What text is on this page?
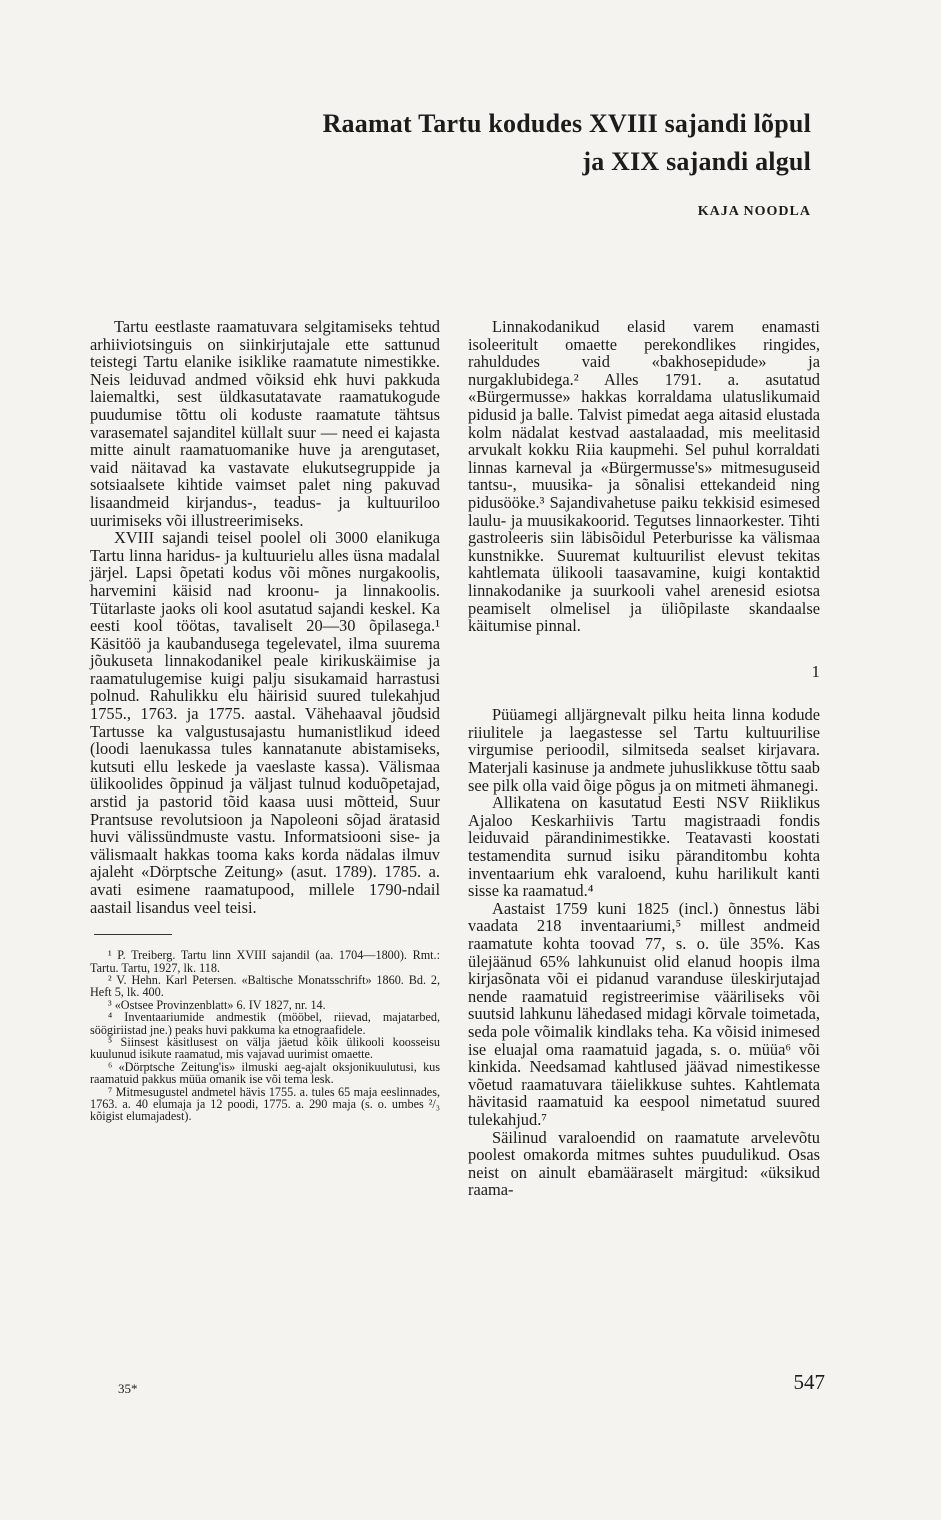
Raamat Tartu kodudes XVIII sajandi lõpul
ja XIX sajandi algul
KAJA NOODLA

Tartu eestlaste raamatuvara selgitamiseks tehtud arhiiviotsinguis on siinkirjutajale ette sattunud teistegi Tartu elanike isiklike raamatute nimestikke. Neis leiduvad andmed võiksid ehk huvi pakkuda laiemaltki, sest üldkasutatavate raamatukogude puudumise tõttu oli koduste raamatute tähtsus varasematel sajanditel küllalt suur — need ei kajasta mitte ainult raamatuomanike huve ja arengutaset, vaid näitavad ka vastavate elukutsegruppide ja sotsiaalsete kihtide vaimset palet ning pakuvad lisaandmeid kirjandus-, teadus- ja kultuuriloo uurimiseks või illustreerimiseks.

XVIII sajandi teisel poolel oli 3000 elanikuga Tartu linna haridus- ja kultuurielu alles üsna madalal järjel. Lapsi õpetati kodus või mõnes nurgakoolis, harvemini käisid nad kroonu- ja linnakoolis. Tütarlaste jaoks oli kool asutatud sajandi keskel. Ka eesti kool töötas, tavaliselt 20—30 õpilasega.¹ Käsitöö ja kaubandusega tegelevatel, ilma suurema jõukuseta linnakodanikel peale kirikuskäimise ja raamatulugemise kuigi palju sisukamaid harrastusi polnud. Rahulikku elu häirisid suured tulekahjud 1755., 1763. ja 1775. aastal. Vähehaaval jõudsid Tartusse ka valgustusajastu humanistlikud ideed (loodi laenukassa tules kannatanute abistamiseks, kutsuti ellu leskede ja vaeslaste kassa). Välismaa ülikoolides õppinud ja väljast tulnud koduõpetajad, arstid ja pastorid tõid kaasa uusi mõtteid, Suur Prantsuse revolutsioon ja Napoleoni sõjad äratasid huvi välissündmuste vastu. Informatsiooni sise- ja välismaalt hakkas tooma kaks korda nädalas ilmuv ajaleht «Dörptsche Zeitung» (asut. 1789). 1785. a. avati esimene raamatupood, millele 1790-ndail aastail lisandus veel teisi.

¹ P. Treiberg. Tartu linn XVIII sajandil (aa. 1704—1800). Rmt.: Tartu. Tartu, 1927, lk. 118.

² V. Hehn. Karl Petersen. «Baltische Monatsschrift» 1860. Bd. 2, Heft 5, lk. 400.

³ «Ostsee Provinzenblatt» 6. IV 1827, nr. 14.

⁴ Inventaariumide andmestik (mööbel, riievad, majatarbed, söögiriistad jne.) peaks huvi pakkuma ka etnograafidele.

⁵ Siinsest käsitlusest on välja jäetud kõik ülikooli koosseisu kuulunud isikute raamatud, mis vajavad uurimist omaette.

⁶ «Dörptsche Zeitung'is» ilmuski aeg-ajalt oksjonikuulutusi, kus raamatuid pakkus müüa omanik ise või tema lesk.

⁷ Mitmesugustel andmetel hävis 1755. a. tules 65 maja eeslinnades, 1763. a. 40 elumaja ja 12 poodi, 1775. a. 290 maja (s. o. umbes ²/₃ kõigist elumajadest).

Linnakodanikud elasid varem enamasti isoleeritult omaette perekondlikes ringides, rahuldudes vaid «bakhosepidude» ja nurgaklubidega.² Alles 1791. a. asutatud «Bürgermusse» hakkas korraldama ulatuslikumaid pidusid ja balle. Talvist pimedat aega aitasid elustada kolm nädalat kestvad aastalaadad, mis meelitasid arvukalt kokku Riia kaupmehi. Sel puhul korraldati linnas karneval ja «Bürgermusse's» mitmesuguseid tantsu-, muusika- ja sõnalisi ettekandeid ning pidusööke.³ Sajandivahetuse paiku tekkisid esimesed laulu- ja muusikakoorid. Tegutses linnaorkester. Tihti gastroleeris siin läbisõidul Peterburisse ka välismaa kunstnikke. Suuremat kultuurilist elevust tekitas kahtlemata ülikooli taasavamine, kuigi kontaktid linnakodanike ja suurkooli vahel arenesid esiotsa peamiselt olmelisel ja üliõpilaste skandaalse käitumise pinnal.

1

Püüamegi alljärgnevalt pilku heita linna kodude riiulitele ja laegastesse sel Tartu kultuurilise virgumise perioodil, silmitseda sealset kirjavara. Materjali kasinuse ja andmete juhuslikkuse tõttu saab see pilk olla vaid õige põgus ja on mitmeti ähmanegi.

Allikatena on kasutatud Eesti NSV Riiklikus Ajaloo Keskarhiivis Tartu magistraadi fondis leiduvaid pärandinimestikke. Teatavasti koostati testamendita surnud isiku päranditombu kohta inventaarium ehk varaloend, kuhu harilikult kanti sisse ka raamatud.⁴

Aastaist 1759 kuni 1825 (incl.) õnnestus läbi vaadata 218 inventaariumi,⁵ millest andmeid raamatute kohta toovad 77, s. o. üle 35%. Kas ülejäänud 65% lahkunuist olid elanud hoopis ilma kirjasõnata või ei pidanud varanduse üleskirjutajad nende raamatuid registreerimise vääriliseks või suutsid lahkunu lähedased midagi kõrvale toimetada, seda pole võimalik kindlaks teha. Ka võisid inimesed ise eluajal oma raamatuid jagada, s. o. müüa⁶ või kinkida. Needsamad kahtlused jäävad nimestikesse võetud raamatuvara täielikkuse suhtes. Kahtlemata hävitasid raamatuid ka eespool nimetatud suured tulekahjud.⁷

Säilinud varaloendid on raamatute arvelevõtu poolest omakorda mitmes suhtes puudulikud. Osas neist on ainult ebamääraselt märgitud: «üksikud raama-

35*	547
